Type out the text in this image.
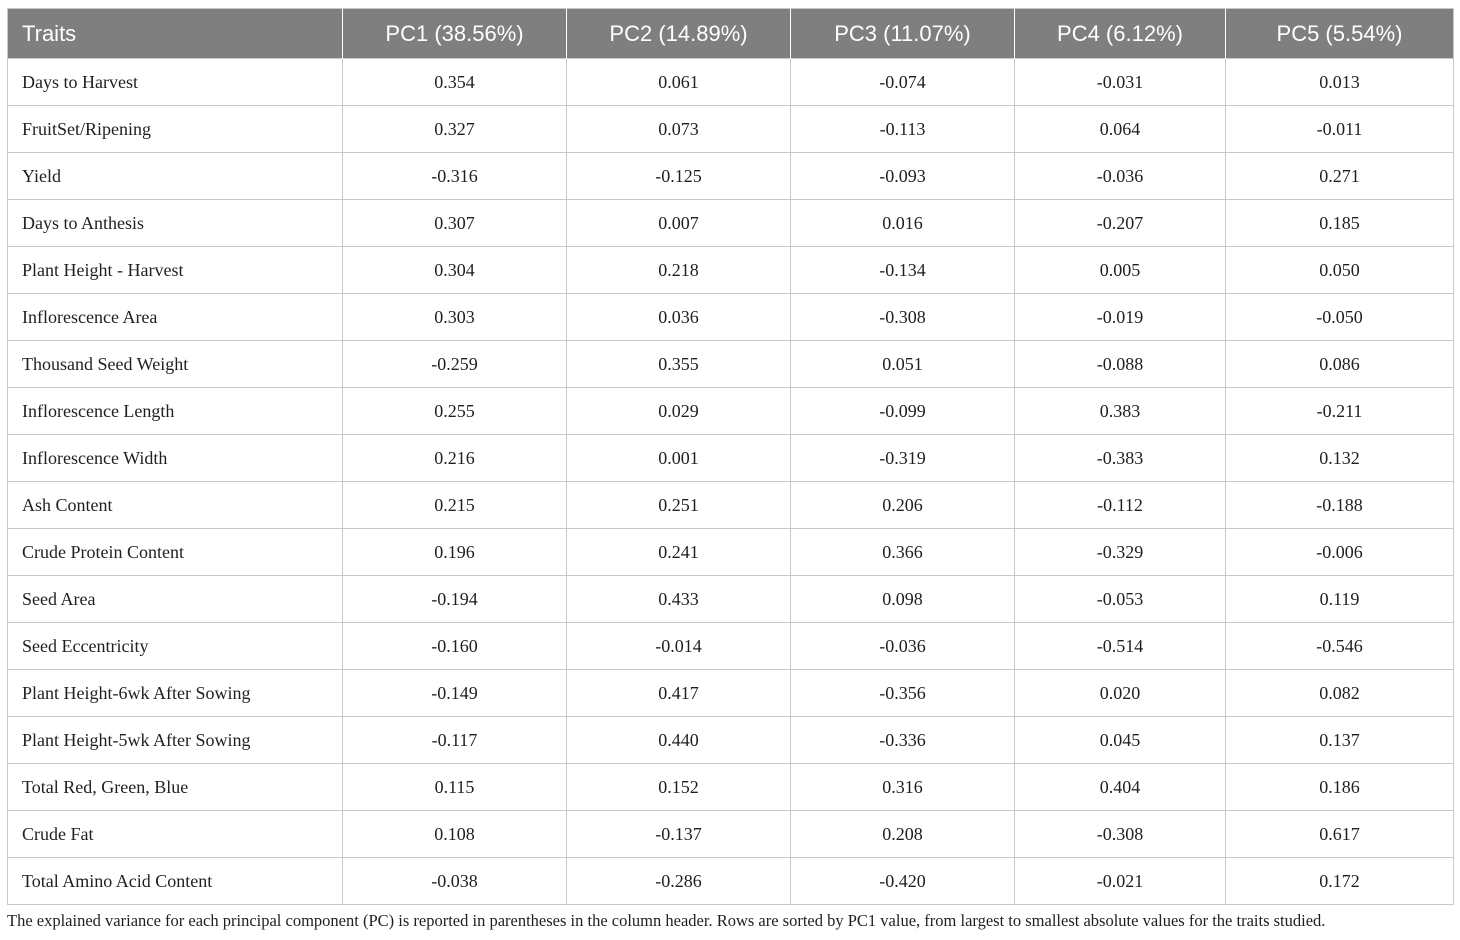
Traits	PC1 (38.56%)	PC2 (14.89%)	PC3 (11.07%)	PC4 (6.12%)	PC5 (5.54%)
Days to Harvest	0.354	0.061	-0.074	-0.031	0.013
FruitSet/Ripening	0.327	0.073	-0.113	0.064	-0.011
Yield	-0.316	-0.125	-0.093	-0.036	0.271
Days to Anthesis	0.307	0.007	0.016	-0.207	0.185
Plant Height - Harvest	0.304	0.218	-0.134	0.005	0.050
Inflorescence Area	0.303	0.036	-0.308	-0.019	-0.050
Thousand Seed Weight	-0.259	0.355	0.051	-0.088	0.086
Inflorescence Length	0.255	0.029	-0.099	0.383	-0.211
Inflorescence Width	0.216	0.001	-0.319	-0.383	0.132
Ash Content	0.215	0.251	0.206	-0.112	-0.188
Crude Protein Content	0.196	0.241	0.366	-0.329	-0.006
Seed Area	-0.194	0.433	0.098	-0.053	0.119
Seed Eccentricity	-0.160	-0.014	-0.036	-0.514	-0.546
Plant Height-6wk After Sowing	-0.149	0.417	-0.356	0.020	0.082
Plant Height-5wk After Sowing	-0.117	0.440	-0.336	0.045	0.137
Total Red, Green, Blue	0.115	0.152	0.316	0.404	0.186
Crude Fat	0.108	-0.137	0.208	-0.308	0.617
Total Amino Acid Content	-0.038	-0.286	-0.420	-0.021	0.172
The explained variance for each principal component (PC) is reported in parentheses in the column header. Rows are sorted by PC1 value, from largest to smallest absolute values for the traits studied.
